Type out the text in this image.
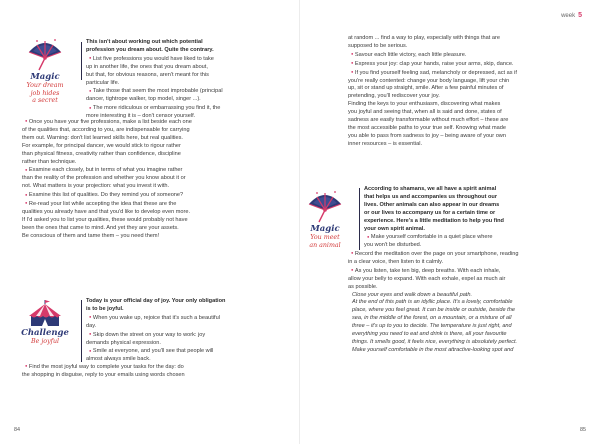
Magic
Your dream
job hides
a secret

This isn't about working out which potential

profession you dream about. Quite the contrary.

● List five professions you would have liked to take

up in another life, the ones that you dream about,

but that, for obvious reasons, aren't meant for this

particular life.

● Take those that seem the most improbable (principal

dancer, tightrope walker, top model, singer ...).

● The more ridiculous or embarrassing you find it, the

more interesting it is – don't censor yourself.

● Once you have your five professions, make a list beside each one

of the qualities that, according to you, are indispensable for carrying

them out. Warning: don't list learned skills here, but real qualities.

For example, for principal dancer, we would stick to rigour rather

than physical fitness, creativity rather than confidence, discipline

rather than technique.

● Examine each closely, but in terms of what you imagine rather

than the reality of the profession and whether you know about it or

not. What matters is your projection: what you invest it with.

● Examine this list of qualities. Do they remind you of someone?

● Re-read your list while accepting the idea that these are the

qualities you already have and that you'd like to develop even more.

If I'd asked you to list your qualities, these would probably not have

been the ones that came to mind. And yet they are your assets.

Be conscious of them and tame them – you need them!

Challenge
Be joyful

Today is your official day of joy. Your only obligation

is to be joyful.

● When you wake up, rejoice that it's such a beautiful

day.

● Skip down the street on your way to work: joy

demands physical expression.

● Smile at everyone, and you'll see that people will

almost always smile back.

● Find the most joyful way to complete your tasks for the day: do

the shopping in disguise, reply to your emails using words chosen

84
week 5

at random ... find a way to play, especially with things that are

supposed to be serious.

● Savour each little victory, each little pleasure.

● Express your joy: clap your hands, raise your arms, skip, dance.

● If you find yourself feeling sad, melancholy or depressed, act as if

you're really contented: change your body language, lift your chin

up, sit or stand up straight, smile. After a few painful minutes of

pretending, you'll rediscover your joy.

Finding the keys to your enthusiasm, discovering what makes

you joyful and seeing that, when all is said and done, states of

sadness are easily transformable without much effort – these are

the most accessible paths to your true self. Knowing what made

you able to pass from sadness to joy – being aware of your own

inner resources – is essential.

Magic
You meet
an animal

According to shamans, we all have a spirit animal

that helps us and accompanies us throughout our

lives. Other animals can also appear in our dreams

or our lives to accompany us for a certain time or

experience. Here's a little meditation to help you find

your own spirit animal.

● Make yourself comfortable in a quiet place where

you won't be disturbed.

● Record the meditation over the page on your smartphone, reading

in a clear voice, then listen to it calmly.

● As you listen, take ten big, deep breaths. With each inhale,

allow your belly to expand. With each exhale, expel as much air

as possible.

Close your eyes and walk down a beautiful path.

At the end of this path is an idyllic place. It's a lovely, comfortable

place, where you feel great. It can be inside or outside, beside the

sea, in the middle of the forest, on a mountain, or a mixture of all

three – it's up to you to decide. The temperature is just right, and

everything you need to eat and drink is there, all your favourite

things. It smells good, it feels nice, everything is absolutely perfect.

Make yourself comfortable in the most attractive-looking spot and

85
